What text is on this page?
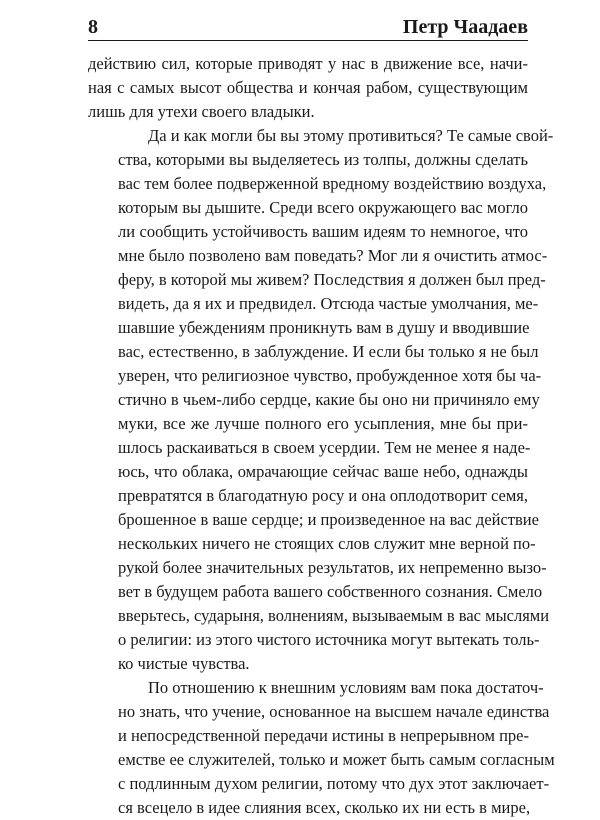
8	Петр Чаадаев
действию сил, которые приводят у нас в движение все, начи-
ная с самых высот общества и кончая рабом, существующим
лишь для утехи своего владыки.
Да и как могли бы вы этому противиться? Те самые свой-
ства, которыми вы выделяетесь из толпы, должны сделать
вас тем более подверженной вредному воздействию воздуха,
которым вы дышите. Среди всего окружающего вас могло
ли сообщить устойчивость вашим идеям то немногое, что
мне было позволено вам поведать? Мог ли я очистить атмос-
феру, в которой мы живем? Последствия я должен был пред-
видеть, да я их и предвидел. Отсюда частые умолчания, ме-
шавшие убеждениям проникнуть вам в душу и вводившие
вас, естественно, в заблуждение. И если бы только я не был
уверен, что религиозное чувство, пробужденное хотя бы ча-
стично в чьем-либо сердце, какие бы оно ни причиняло ему
муки, все же лучше полного его усыпления, мне бы при-
шлось раскаиваться в своем усердии. Тем не менее я наде-
юсь, что облака, омрачающие сейчас ваше небо, однажды
превратятся в благодатную росу и она оплодотворит семя,
брошенное в ваше сердце; и произведенное на вас действие
нескольких ничего не стоящих слов служит мне верной по-
рукой более значительных результатов, их непременно вызо-
вет в будущем работа вашего собственного сознания. Смело
вверьтесь, сударыня, волнениям, вызываемым в вас мыслями
о религии: из этого чистого источника могут вытекать толь-
ко чистые чувства.
По отношению к внешним условиям вам пока достаточ-
но знать, что учение, основанное на высшем начале единства
и непосредственной передачи истины в непрерывном пре-
емстве ее служителей, только и может быть самым согласным
с подлинным духом религии, потому что дух этот заключает-
ся всецело в идее слияния всех, сколько их ни есть в мире,
